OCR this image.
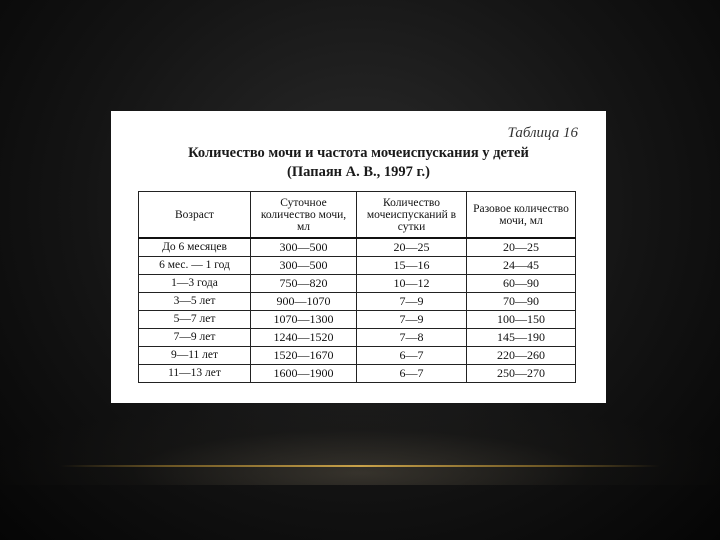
Таблица 16
Количество мочи и частота мочеиспускания у детей
(Папаян А. В., 1997 г.)
Возраст	Суточное количество мочи, мл	Количество мочеиспусканий в сутки	Разовое количество мочи, мл
До 6 месяцев	300—500	20—25	20—25
6 мес. — 1 год	300—500	15—16	24—45
1—3 года	750—820	10—12	60—90
3—5 лет	900—1070	7—9	70—90
5—7 лет	1070—1300	7—9	100—150
7—9 лет	1240—1520	7—8	145—190
9—11 лет	1520—1670	6—7	220—260
11—13 лет	1600—1900	6—7	250—270
